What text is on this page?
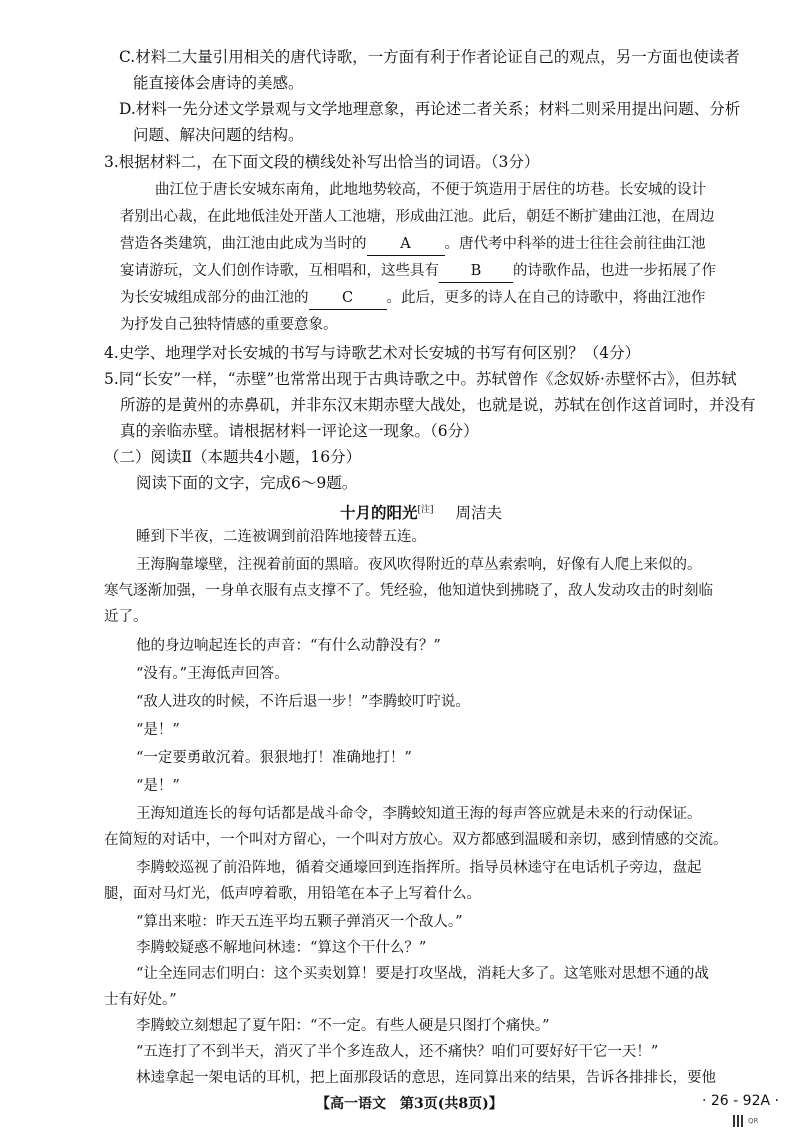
C.材料二大量引用相关的唐代诗歌，一方面有利于作者论证自己的观点，另一方面也使读者
能直接体会唐诗的美感。
D.材料一先分述文学景观与文学地理意象，再论述二者关系；材料二则采用提出问题、分析
问题、解决问题的结构。
3.根据材料二，在下面文段的横线处补写出恰当的词语。（3分）
曲江位于唐长安城东南角，此地地势较高，不便于筑造用于居住的坊巷。长安城的设计
者别出心裁，在此地低洼处开凿人工池塘，形成曲江池。此后，朝廷不断扩建曲江池，在周边
营造各类建筑，曲江池由此成为当时的 A 。唐代考中科举的进士往往会前往曲江池
宴请游玩，文人们创作诗歌，互相唱和，这些具有 B 的诗歌作品，也进一步拓展了作
为长安城组成部分的曲江池的 C 。此后，更多的诗人在自己的诗歌中，将曲江池作
为抒发自己独特情感的重要意象。
4.史学、地理学对长安城的书写与诗歌艺术对长安城的书写有何区别？（4分）
5.同“长安”一样，“赤壁”也常常出现于古典诗歌之中。苏轼曾作《念奴娇·赤壁怀古》，但苏轼
所游的是黄州的赤鼻矶，并非东汉末期赤壁大战处，也就是说，苏轼在创作这首词时，并没有
真的亲临赤壁。请根据材料一评论这一现象。（6分）
（二）阅读Ⅱ（本题共4小题，16分）
阅读下面的文字，完成6～9题。
十月的阳光[注] 周洁夫
睡到下半夜，二连被调到前沿阵地接替五连。
王海胸靠壕壁，注视着前面的黑暗。夜风吹得附近的草丛索索响，好像有人爬上来似的。
寒气逐渐加强，一身单衣服有点支撑不了。凭经验，他知道快到拂晓了，敌人发动攻击的时刻临
近了。
他的身边响起连长的声音：“有什么动静没有？”
“没有。”王海低声回答。
“敌人进攻的时候，不许后退一步！”李腾蛟叮咛说。
“是！”
“一定要勇敢沉着。狠狠地打！准确地打！”
“是！”
王海知道连长的每句话都是战斗命令，李腾蛟知道王海的每声答应就是未来的行动保证。
在简短的对话中，一个叫对方留心，一个叫对方放心。双方都感到温暖和亲切，感到情感的交流。
李腾蛟巡视了前沿阵地，循着交通壕回到连指挥所。指导员林逵守在电话机子旁边，盘起
腿，面对马灯光，低声哼着歌，用铅笔在本子上写着什么。
“算出来啦：昨天五连平均五颗子弹消灭一个敌人。”
李腾蛟疑惑不解地问林逵：“算这个干什么？”
“让全连同志们明白：这个买卖划算！要是打攻坚战，消耗大多了。这笔账对思想不通的战
士有好处。”
李腾蛟立刻想起了夏午阳：“不一定。有些人硬是只图打个痛快。”
“五连打了不到半天，消灭了半个多连敌人，还不痛快？咱们可要好好干它一天！”
林逵拿起一架电话的耳机，把上面那段话的意思，连同算出来的结果，告诉各排排长，要他
【高一语文　第3页(共8页)】	· 26 - 92A ·
QR
